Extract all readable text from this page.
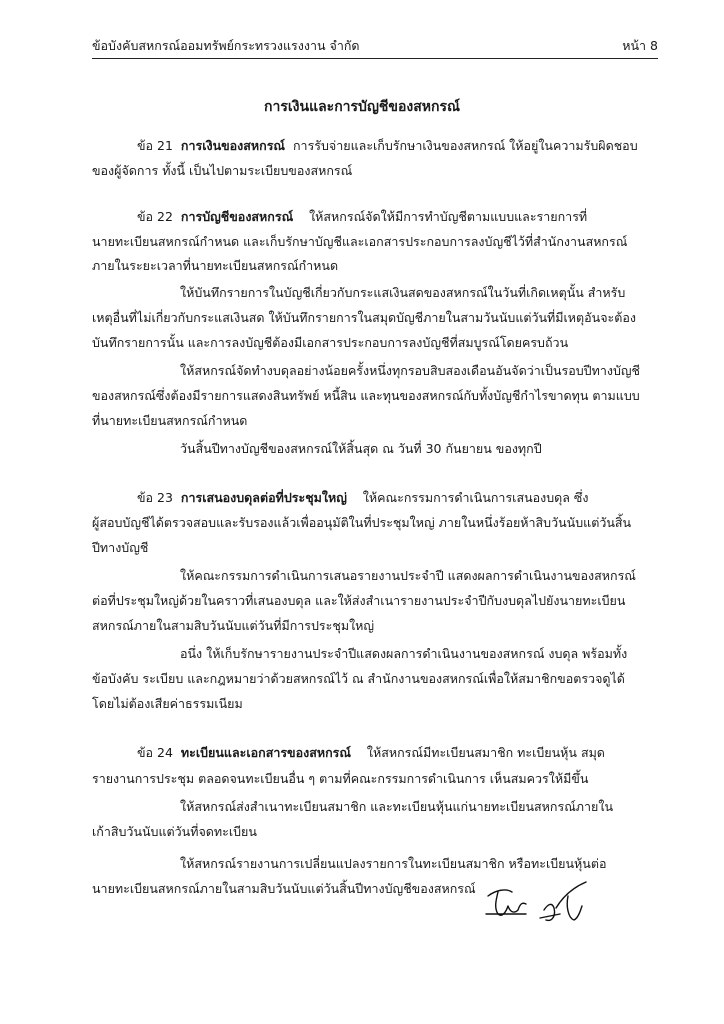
ข้อบังคับสหกรณ์ออมทรัพย์กระทรวงแรงงาน จำกัด	หน้า 8
การเงินและการบัญชีของสหกรณ์
ข้อ 21 การเงินของสหกรณ์ การรับจ่ายและเก็บรักษาเงินของสหกรณ์ ให้อยู่ในความรับผิดชอบ
ของผู้จัดการ ทั้งนี้ เป็นไปตามระเบียบของสหกรณ์
ข้อ 22 การบัญชีของสหกรณ์ ให้สหกรณ์จัดให้มีการทำบัญชีตามแบบและรายการที่
นายทะเบียนสหกรณ์กำหนด และเก็บรักษาบัญชีและเอกสารประกอบการลงบัญชีไว้ที่สำนักงานสหกรณ์
ภายในระยะเวลาที่นายทะเบียนสหกรณ์กำหนด
ให้บันทึกรายการในบัญชีเกี่ยวกับกระแสเงินสดของสหกรณ์ในวันที่เกิดเหตุนั้น สำหรับ
เหตุอื่นที่ไม่เกี่ยวกับกระแสเงินสด ให้บันทึกรายการในสมุดบัญชีภายในสามวันนับแต่วันที่มีเหตุอันจะต้อง
บันทึกรายการนั้น และการลงบัญชีต้องมีเอกสารประกอบการลงบัญชีที่สมบูรณ์โดยครบถ้วน
ให้สหกรณ์จัดทำงบดุลอย่างน้อยครั้งหนึ่งทุกรอบสิบสองเดือนอันจัดว่าเป็นรอบปีทางบัญชี
ของสหกรณ์ซึ่งต้องมีรายการแสดงสินทรัพย์ หนี้สิน และทุนของสหกรณ์กับทั้งบัญชีกำไรขาดทุน ตามแบบ
ที่นายทะเบียนสหกรณ์กำหนด
วันสิ้นปีทางบัญชีของสหกรณ์ให้สิ้นสุด ณ วันที่ 30 กันยายน ของทุกปี
ข้อ 23 การเสนองบดุลต่อที่ประชุมใหญ่ ให้คณะกรรมการดำเนินการเสนองบดุล ซึ่ง
ผู้สอบบัญชีได้ตรวจสอบและรับรองแล้วเพื่ออนุมัติในที่ประชุมใหญ่ ภายในหนึ่งร้อยห้าสิบวันนับแต่วันสิ้น
ปีทางบัญชี
ให้คณะกรรมการดำเนินการเสนอรายงานประจำปี แสดงผลการดำเนินงานของสหกรณ์
ต่อที่ประชุมใหญ่ด้วยในคราวที่เสนองบดุล และให้ส่งสำเนารายงานประจำปีกับงบดุลไปยังนายทะเบียน
สหกรณ์ภายในสามสิบวันนับแต่วันที่มีการประชุมใหญ่
อนึ่ง ให้เก็บรักษารายงานประจำปีแสดงผลการดำเนินงานของสหกรณ์ งบดุล พร้อมทั้ง
ข้อบังคับ ระเบียบ และกฎหมายว่าด้วยสหกรณ์ไว้ ณ สำนักงานของสหกรณ์เพื่อให้สมาชิกขอตรวจดูได้
โดยไม่ต้องเสียค่าธรรมเนียม
ข้อ 24 ทะเบียนและเอกสารของสหกรณ์ ให้สหกรณ์มีทะเบียนสมาชิก ทะเบียนหุ้น สมุด
รายงานการประชุม ตลอดจนทะเบียนอื่น ๆ ตามที่คณะกรรมการดำเนินการ เห็นสมควรให้มีขึ้น
ให้สหกรณ์ส่งสำเนาทะเบียนสมาชิก และทะเบียนหุ้นแก่นายทะเบียนสหกรณ์ภายใน
เก้าสิบวันนับแต่วันที่จดทะเบียน
ให้สหกรณ์รายงานการเปลี่ยนแปลงรายการในทะเบียนสมาชิก หรือทะเบียนหุ้นต่อ
นายทะเบียนสหกรณ์ภายในสามสิบวันนับแต่วันสิ้นปีทางบัญชีของสหกรณ์
